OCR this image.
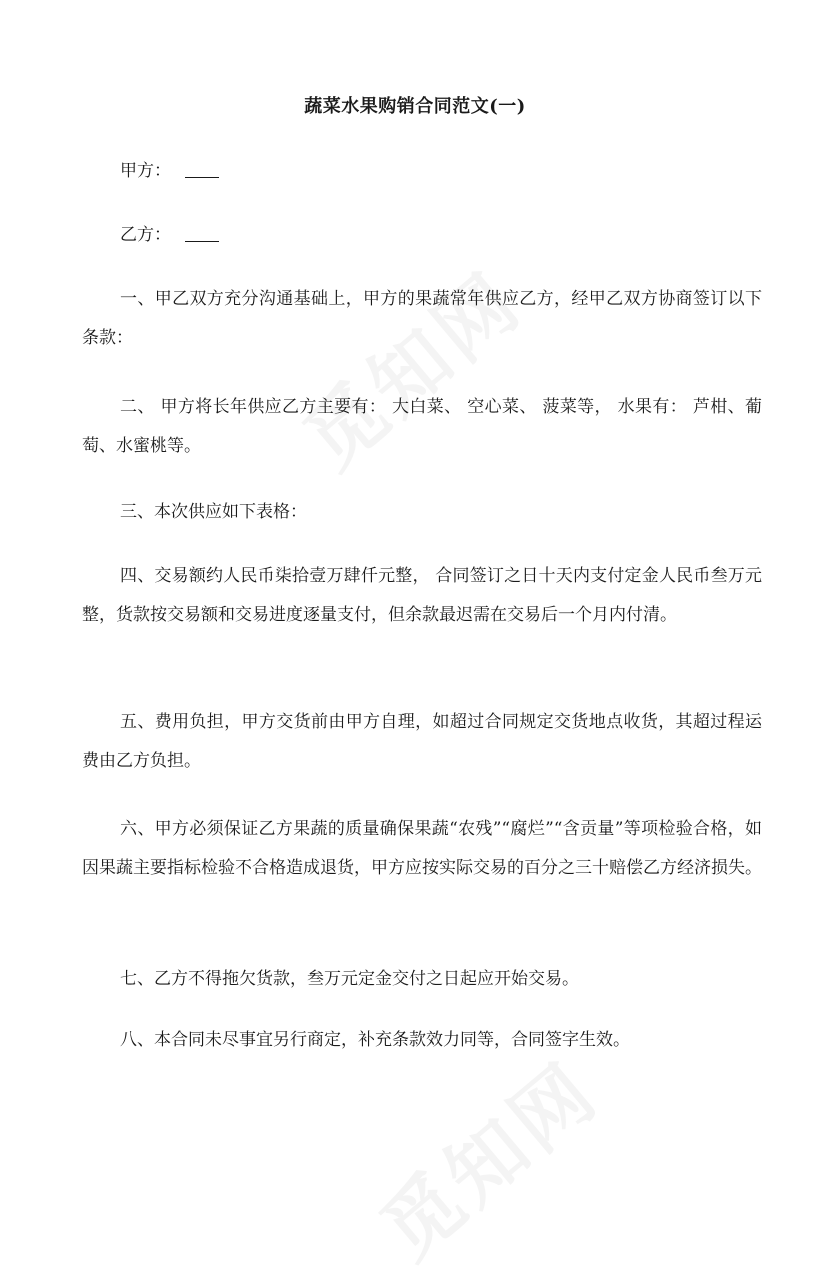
蔬菜水果购销合同范文(一)
甲方：
乙方：
一、甲乙双方充分沟通基础上，甲方的果蔬常年供应乙方，经甲乙双方协商签订以下条款：
二、 甲方将长年供应乙方主要有： 大白菜、 空心菜、 菠菜等， 水果有： 芦柑、葡萄、水蜜桃等。
三、本次供应如下表格：
四、交易额约人民币柒拾壹万肆仟元整， 合同签订之日十天内支付定金人民币叁万元整，货款按交易额和交易进度逐量支付，但余款最迟需在交易后一个月内付清。
五、费用负担，甲方交货前由甲方自理，如超过合同规定交货地点收货，其超过程运费由乙方负担。
六、甲方必须保证乙方果蔬的质量确保果蔬“农残”“腐烂”“含贡量”等项检验合格，如因果蔬主要指标检验不合格造成退货，甲方应按实际交易的百分之三十赔偿乙方经济损失。
七、乙方不得拖欠货款，叁万元定金交付之日起应开始交易。
八、本合同未尽事宜另行商定，补充条款效力同等，合同签字生效。
